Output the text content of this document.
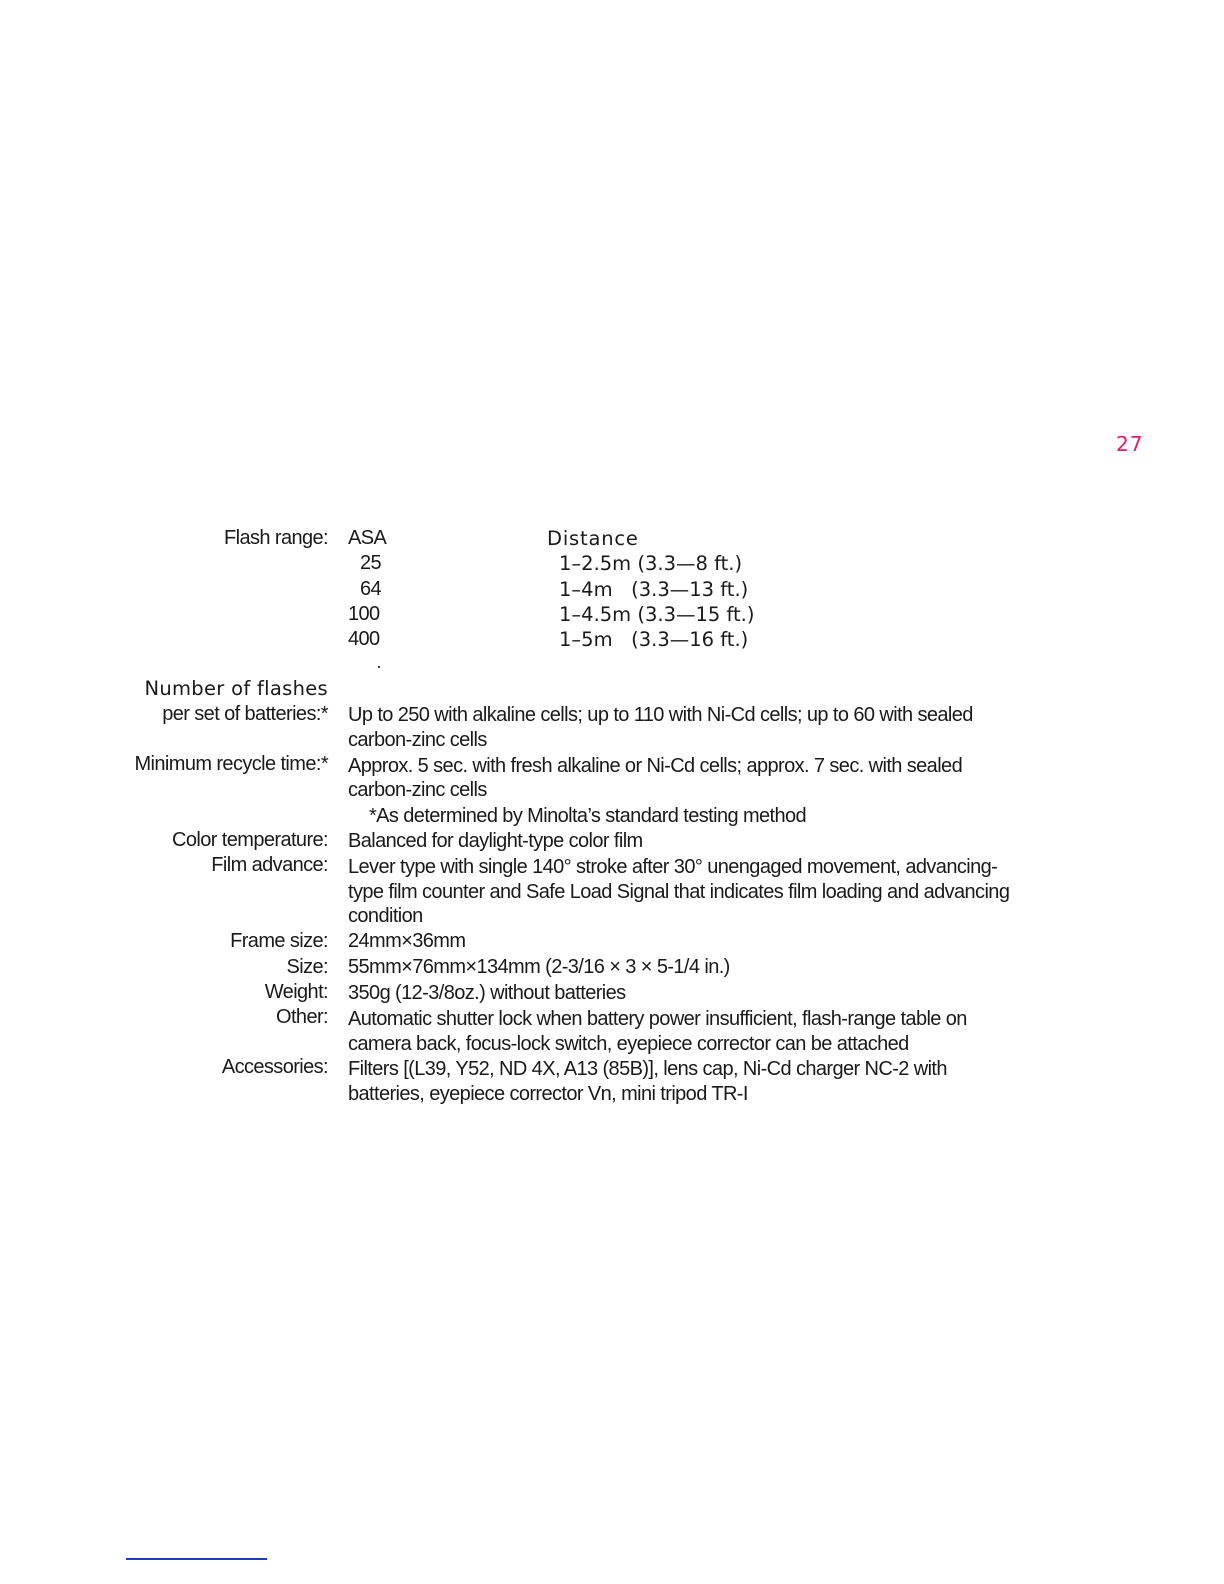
27
Flash range: ASA	Distance
25	1–2.5m (3.3—8 ft.)
64	1–4m   (3.3—13 ft.)
100	1–4.5m (3.3—15 ft.)
400	1–5m   (3.3—16 ft.)
Number of flashes
per set of batteries:* Up to 250 with alkaline cells; up to 110 with Ni-Cd cells; up to 60 with sealed
carbon-zinc cells
Minimum recycle time:* Approx. 5 sec. with fresh alkaline or Ni-Cd cells; approx. 7 sec. with sealed
carbon-zinc cells
*As determined by Minolta’s standard testing method
Color temperature: Balanced for daylight-type color film
Film advance: Lever type with single 140° stroke after 30° unengaged movement, advancing-
type film counter and Safe Load Signal that indicates film loading and advancing
condition
Frame size: 24mm×36mm
Size: 55mm×76mm×134mm (2-3/16 × 3 × 5-1/4 in.)
Weight: 350g (12-3/8oz.) without batteries
Other: Automatic shutter lock when battery power insufficient, flash-range table on
camera back, focus-lock switch, eyepiece corrector can be attached
Accessories: Filters [(L39, Y52, ND 4X, A13 (85B)], lens cap, Ni-Cd charger NC-2 with
batteries, eyepiece corrector Vn, mini tripod TR-I
